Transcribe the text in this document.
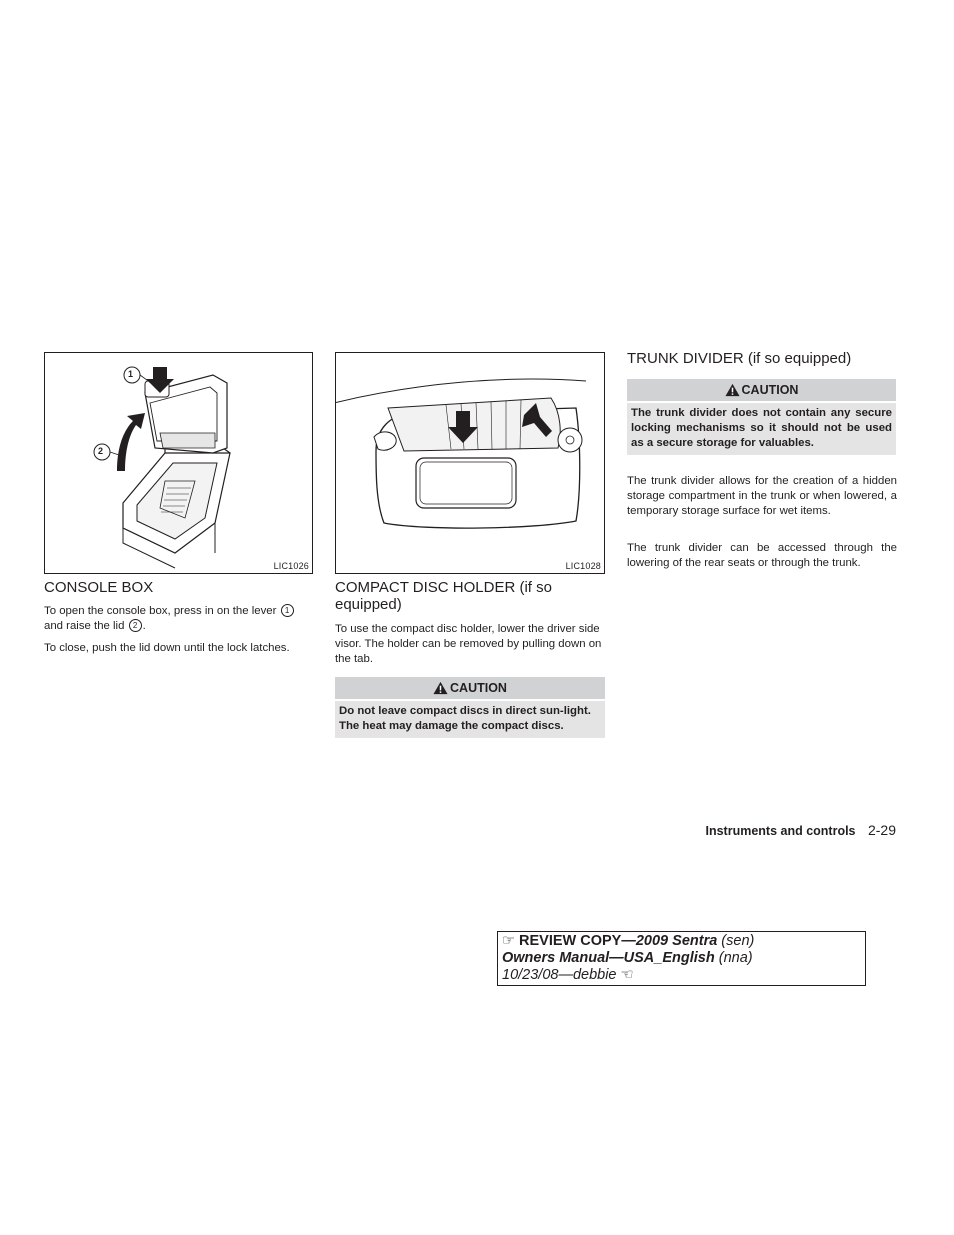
1
2
LIC1026
CONSOLE BOX

To open the console box, press in on the lever 1
and raise the lid 2 .

To close, push the lid down until the lock latches.

LIC1028
COMPACT DISC HOLDER (if so equipped)

To use the compact disc holder, lower the driver side visor. The holder can be removed by pulling down on the tab.

CAUTION
Do not leave compact discs in direct sun-light. The heat may damage the compact discs.
TRUNK DIVIDER (if so equipped)
CAUTION
The trunk divider does not contain any secure locking mechanisms so it should not be used as a secure storage for valuables.

The trunk divider allows for the creation of a hidden storage compartment in the trunk or when lowered, a temporary storage surface for wet items.

The trunk divider can be accessed through the lowering of the rear seats or through the trunk.

Instruments and controls 2-29
☞ REVIEW COPY—2009 Sentra (sen)
Owners Manual—USA_English (nna)
10/23/08—debbie ☜
